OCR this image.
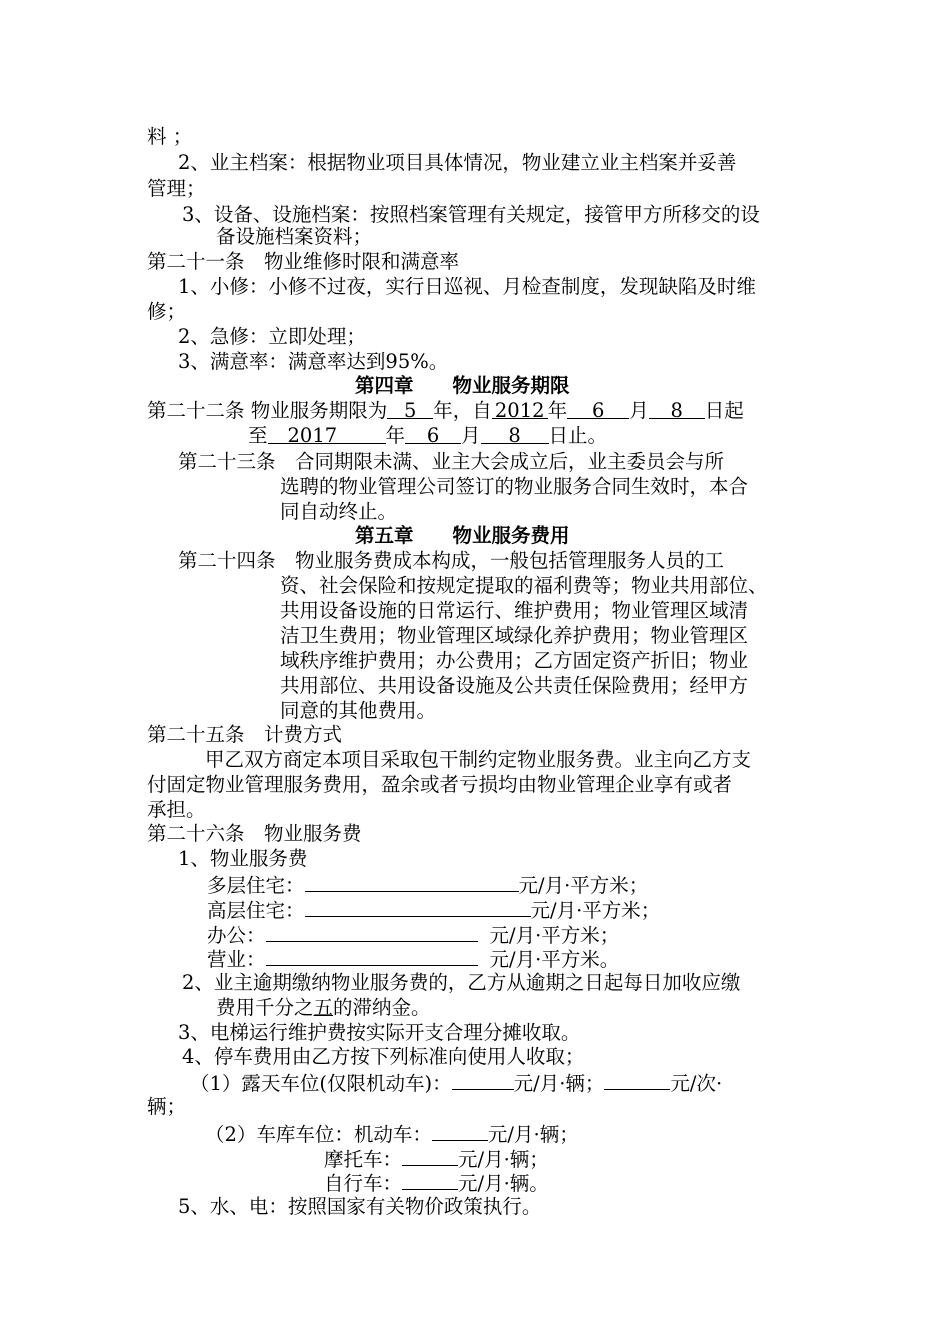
料 ；
2、业主档案：根据物业项目具体情况，物业建立业主档案并妥善
管理；
3、设备、设施档案：按照档案管理有关规定，接管甲方所移交的设
备设施档案资料；
第二十一条　物业维修时限和满意率
1、小修：小修不过夜，实行日巡视、月检查制度，发现缺陷及时维
修；
2、急修：立即处理；
3、满意率：满意率达到95%。
第四章　　物业服务期限
第二十二条 物业服务期限为 5 年，自 2012 年 6 月 8 日起
至 2017 年 6 月 8 日止。
第二十三条　合同期限未满、业主大会成立后，业主委员会与所
选聘的物业管理公司签订的物业服务合同生效时，本合
同自动终止。
第五章　　物业服务费用
第二十四条　物业服务费成本构成，一般包括管理服务人员的工
资、社会保险和按规定提取的福利费等；物业共用部位、
共用设备设施的日常运行、维护费用；物业管理区域清
洁卫生费用；物业管理区域绿化养护费用；物业管理区
域秩序维护费用；办公费用；乙方固定资产折旧；物业
共用部位、共用设备设施及公共责任保险费用；经甲方
同意的其他费用。
第二十五条　计费方式
甲乙双方商定本项目采取包干制约定物业服务费。业主向乙方支
付固定物业管理服务费用，盈余或者亏损均由物业管理企业享有或者
承担。
第二十六条　物业服务费
1、物业服务费
多层住宅：	元/月·平方米；
高层住宅：	元/月·平方米；
办公：	元/月·平方米；
营业：	元/月·平方米。
2、业主逾期缴纳物业服务费的，乙方从逾期之日起每日加收应缴
费用千分之五的滞纳金。
3、电梯运行维护费按实际开支合理分摊收取。
4、停车费用由乙方按下列标准向使用人收取；
（1）露天车位(仅限机动车)：	元/月·辆；	元/次·
辆；
（2）车库车位：机动车：	元/月·辆；
摩托车：	元/月·辆；
自行车：	元/月·辆。
5、水、电：按照国家有关物价政策执行。
